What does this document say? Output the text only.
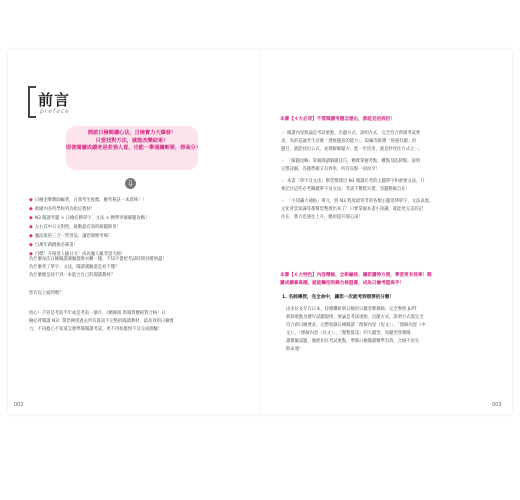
前言
preface
開啟日檢閱讀心法，日檢實力大爆發！
只要找對方法，就能改變結果！
即使閱讀成績老是差強人意，也能一舉通關斬將，得高分！
⇩
◆ 日檢金牌教師編著，百萬考生推薦，應考秘訣一本達陣！！
◆ 被國內多所學校列為指定教材！
◆ N3 閱讀考題 × 日檢必勝單字、文法 × 精準突破解題攻略！
◆ 左右頁中日文對照，啟動最有效的解題節奏！
◆ 魔法般的三合一學習法，讓您變勝考場！
◆ 百萬年薪跳板必備書！
◆ 目標！升格達人級日文！成為魔人級考證大師！
為什麼每次日檢閱讀測驗都像衣櫃一樣，不知不覺把考試時間吞噬殆盡！
為什麼背了單字、文法，閱讀測驗還是看不懂？
為什麼總是找不到一本能合自己的閱讀教材？
您有以上疑問嗎？
放心！不管是考前半年或是考前一個月，《精修版 新制對應絕對合格！日
檢必背閱讀 N3》帶您揮別過去所有資訊不完整的閱讀教材，最高效的日檢實
力，不再擔心不知道怎麼準備閱讀考試，更不用如擔無不及完成測驗！
002
本書【４大必背】不管閱讀考題怎麼出，都能見招拆招！
☞ 閱讀內容無論是考試重點、出題方式、說明方式，完全符合新制考試要
求，為的是讓考生培養「透視題意的能力」。取編等挑選「經過有題」的
題目，就能找出公式，並理解解題方，進一步活用，就是妙徑往方式之一。
☞ 「解題攻略」掌握閱讀解題技巧，精實掌握考點，難點及陷阱點，說明
完整詳細，答題準確又有效率，所有盲點一掃而空！
☞ 本書「單字及文法」幫您整理出 N3 閱讀必考的主題單字和重要文法，只
要記住這些必考關鍵單字及文法，考試不驚慌失措，答題輕鬆自在！
☞ 「小知識大補帖」單元，將 N3 程度最常考的各類主題延伸單字、文法表現、
文化背景知識等都幫您整理出來了！只要掌握本書小知識，就能更完美的記
住在、實力迅速往上升，應用提升開心詞！
本書【６大特色】內容精修，全新編排，讓您讀得方便，學習更有效率！閱
讀成績拿高標，就能觸招到錄合格證書，成為日檢考證高手！
1. 名師傳授，完全命中，讓您一次就考到想要的分數！
由多位長年在日本、持續鑽研新日檢的日籍金牌教師，完全參照 JLPT
新制重點及歷年試題規律，無論是考試重點、出題方式，說明方式都完全
符合新日檢要求。完整收錄日檢閱讀「理解內容（短文）」、「理解內容（中
文）」、「理解內容（長文）」、「釐整資訊」四大題型，每題型各類閱
讀模擬試題，徹底扣住考試重點，準備日檢閱讀精準有效，合格不再失
敗命運！
003
